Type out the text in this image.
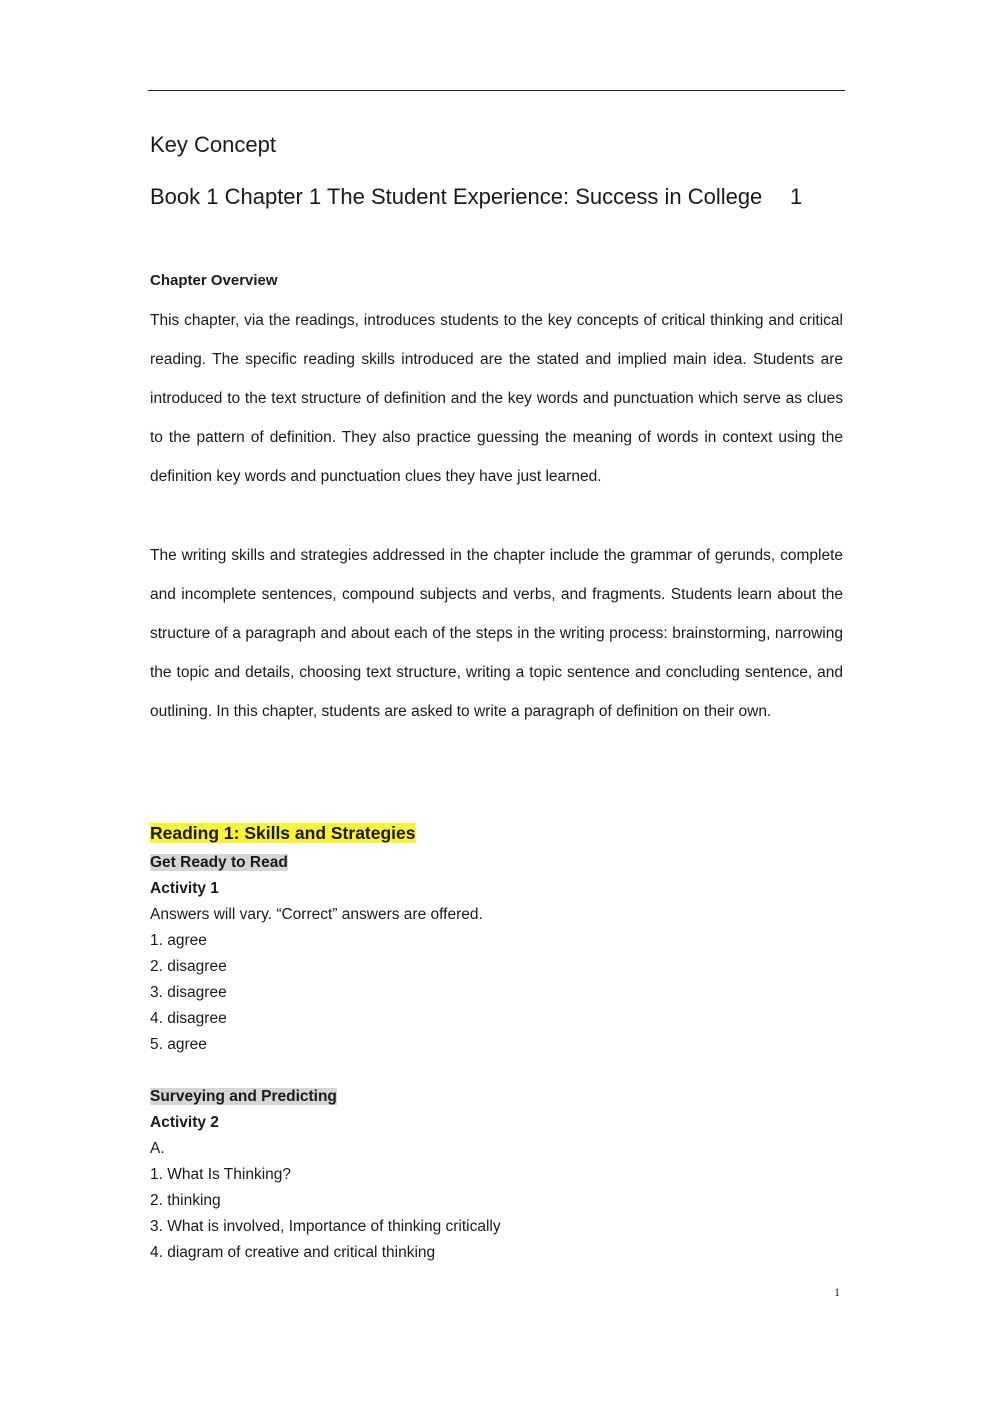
Key Concept
Book 1 Chapter 1 The Student Experience: Success in College 1
Chapter Overview

This chapter, via the readings, introduces students to the key concepts of critical thinking and critical reading. The specific reading skills introduced are the stated and implied main idea. Students are introduced to the text structure of definition and the key words and punctuation which serve as clues to the pattern of definition. They also practice guessing the meaning of words in context using the definition key words and punctuation clues they have just learned.

The writing skills and strategies addressed in the chapter include the grammar of gerunds, complete and incomplete sentences, compound subjects and verbs, and fragments. Students learn about the structure of a paragraph and about each of the steps in the writing process: brainstorming, narrowing the topic and details, choosing text structure, writing a topic sentence and concluding sentence, and outlining. In this chapter, students are asked to write a paragraph of definition on their own.

Reading 1: Skills and Strategies
Get Ready to Read
Activity 1
Answers will vary. “Correct” answers are offered.
1. agree
2. disagree
3. disagree
4. disagree
5. agree
Surveying and Predicting
Activity 2
A.
1. What Is Thinking?
2. thinking
3. What is involved, Importance of thinking critically
4. diagram of creative and critical thinking
1
